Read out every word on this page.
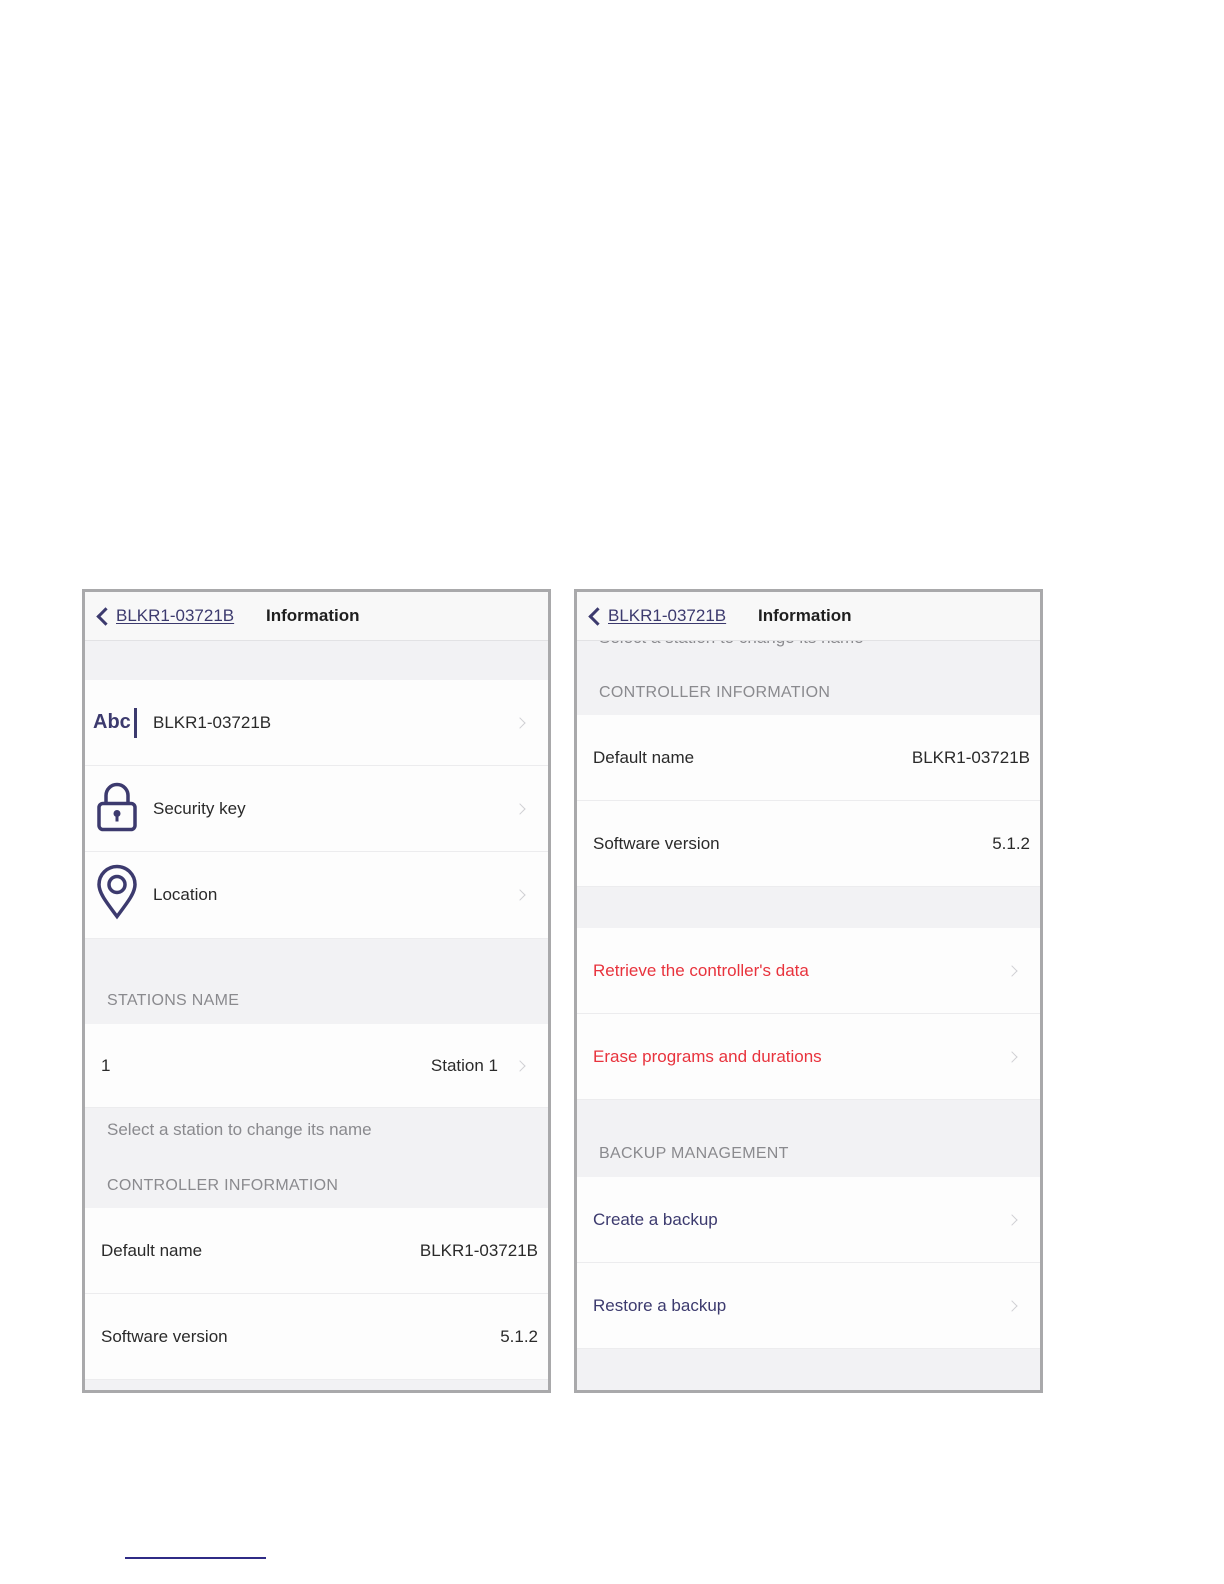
BLKR1-03721B Information
Abc BLKR1-03721B
Security key
Location
STATIONS NAME
1	Station 1
Select a station to change its name
CONTROLLER INFORMATION
Default name	BLKR1-03721B
Software version	5.1.2
BLKR1-03721B Information
CONTROLLER INFORMATION
Default name	BLKR1-03721B
Software version	5.1.2
Retrieve the controller's data
Erase programs and durations
BACKUP MANAGEMENT
Create a backup
Restore a backup
